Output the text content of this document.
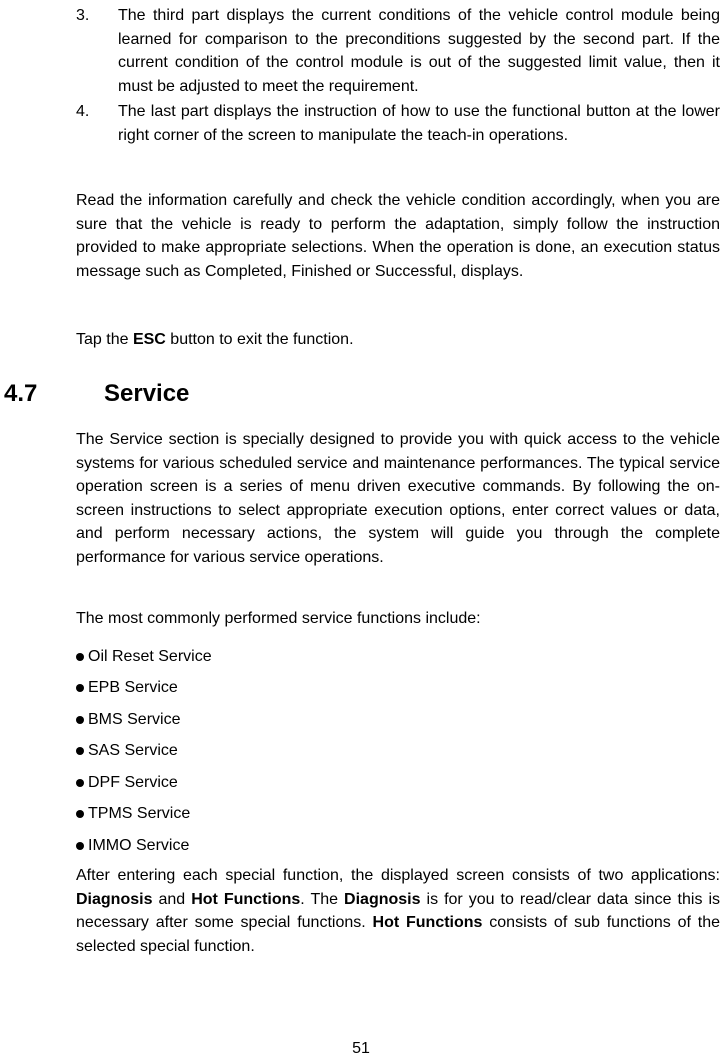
3.	The third part displays the current conditions of the vehicle control module being learned for comparison to the preconditions suggested by the second part. If the current condition of the control module is out of the suggested limit value, then it must be adjusted to meet the requirement.
4.	The last part displays the instruction of how to use the functional button at the lower right corner of the screen to manipulate the teach-in operations.

Read the information carefully and check the vehicle condition accordingly, when you are sure that the vehicle is ready to perform the adaptation, simply follow the instruction provided to make appropriate selections. When the operation is done, an execution status message such as Completed, Finished or Successful, displays.

Tap the ESC button to exit the function.

4.7	Service

The Service section is specially designed to provide you with quick access to the vehicle systems for various scheduled service and maintenance performances. The typical service operation screen is a series of menu driven executive commands. By following the on-screen instructions to select appropriate execution options, enter correct values or data, and perform necessary actions, the system will guide you through the complete performance for various service operations.

The most commonly performed service functions include:

Oil Reset Service
EPB Service
BMS Service
SAS Service
DPF Service
TPMS Service
IMMO Service

After entering each special function, the displayed screen consists of two applications: Diagnosis and Hot Functions. The Diagnosis is for you to read/clear data since this is necessary after some special functions. Hot Functions consists of sub functions of the selected special function.

51
